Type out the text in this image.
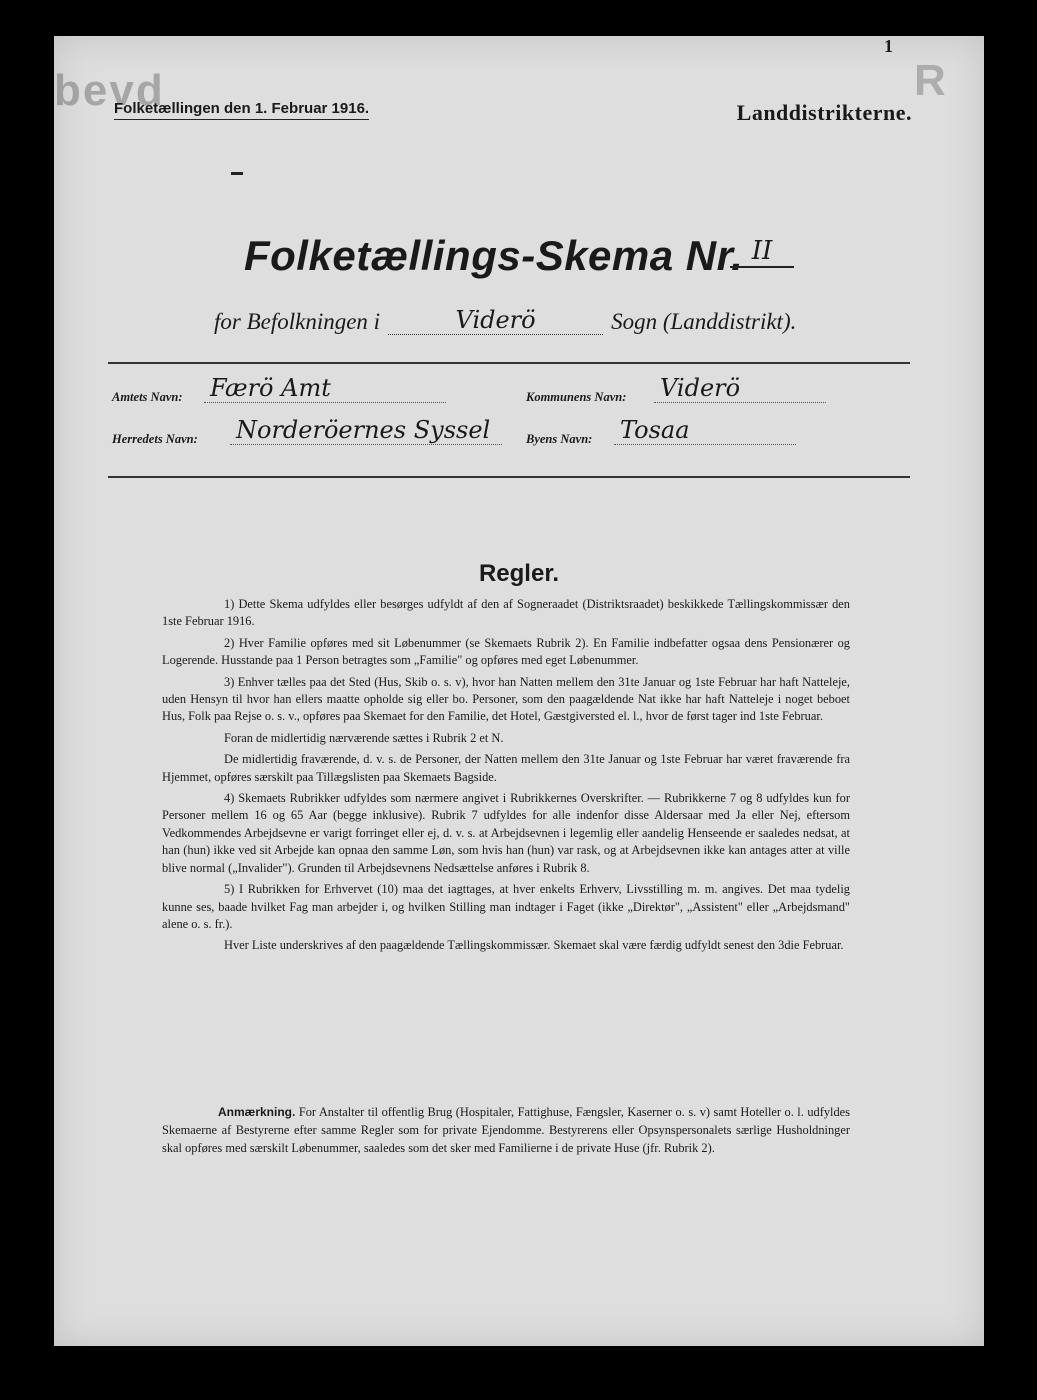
bevd	R
1
Folketællingen den 1. Februar 1916.	Landdistrikterne.
Folketællings-Skema Nr. II
for Befolkningen i	Viderö	Sogn (Landdistrikt).
Amtets Navn: Færö Amt	Kommunens Navn: Viderö
Herredets Navn: Norderöernes Syssel	Byens Navn: Tosaa
Regler.

1) Dette Skema udfyldes eller besørges udfyldt af den af Sogneraadet (Distriktsraadet) beskikkede Tællingskommissær den 1ste Februar 1916.

2) Hver Familie opføres med sit Løbenummer (se Skemaets Rubrik 2). En Familie indbefatter ogsaa dens Pensionærer og Logerende. Husstande paa 1 Person betragtes som „Familie" og opføres med eget Løbenummer.

3) Enhver tælles paa det Sted (Hus, Skib o. s. v), hvor han Natten mellem den 31te Januar og 1ste Februar har haft Natteleje, uden Hensyn til hvor han ellers maatte opholde sig eller bo. Personer, som den paagældende Nat ikke har haft Natteleje i noget beboet Hus, Folk paa Rejse o. s. v., opføres paa Skemaet for den Familie, det Hotel, Gæstgiversted el. l., hvor de først tager ind 1ste Februar.

Foran de midlertidig nærværende sættes i Rubrik 2 et N.

De midlertidig fraværende, d. v. s. de Personer, der Natten mellem den 31te Januar og 1ste Februar har været fraværende fra Hjemmet, opføres særskilt paa Tillægslisten paa Skemaets Bagside.

4) Skemaets Rubrikker udfyldes som nærmere angivet i Rubrikkernes Overskrifter. — Rubrikkerne 7 og 8 udfyldes kun for Personer mellem 16 og 65 Aar (begge inklusive). Rubrik 7 udfyldes for alle indenfor disse Aldersaar med Ja eller Nej, eftersom Vedkommendes Arbejdsevne er varigt forringet eller ej, d. v. s. at Arbejdsevnen i legemlig eller aandelig Henseende er saaledes nedsat, at han (hun) ikke ved sit Arbejde kan opnaa den samme Løn, som hvis han (hun) var rask, og at Arbejdsevnen ikke kan antages atter at ville blive normal („Invalider"). Grunden til Arbejdsevnens Nedsættelse anføres i Rubrik 8.

5) I Rubrikken for Erhvervet (10) maa det iagttages, at hver enkelts Erhverv, Livsstilling m. m. angives. Det maa tydelig kunne ses, baade hvilket Fag man arbejder i, og hvilken Stilling man indtager i Faget (ikke „Direktør", „Assistent" eller „Arbejdsmand" alene o. s. fr.).

Hver Liste underskrives af den paagældende Tællingskommissær. Skemaet skal være færdig udfyldt senest den 3die Februar.

Anmærkning. For Anstalter til offentlig Brug (Hospitaler, Fattighuse, Fængsler, Kaserner o. s. v) samt Hoteller o. l. udfyldes Skemaerne af Bestyrerne efter samme Regler som for private Ejendomme. Bestyrerens eller Opsynspersonalets særlige Husholdninger skal opføres med særskilt Løbenummer, saaledes som det sker med Familierne i de private Huse (jfr. Rubrik 2).
